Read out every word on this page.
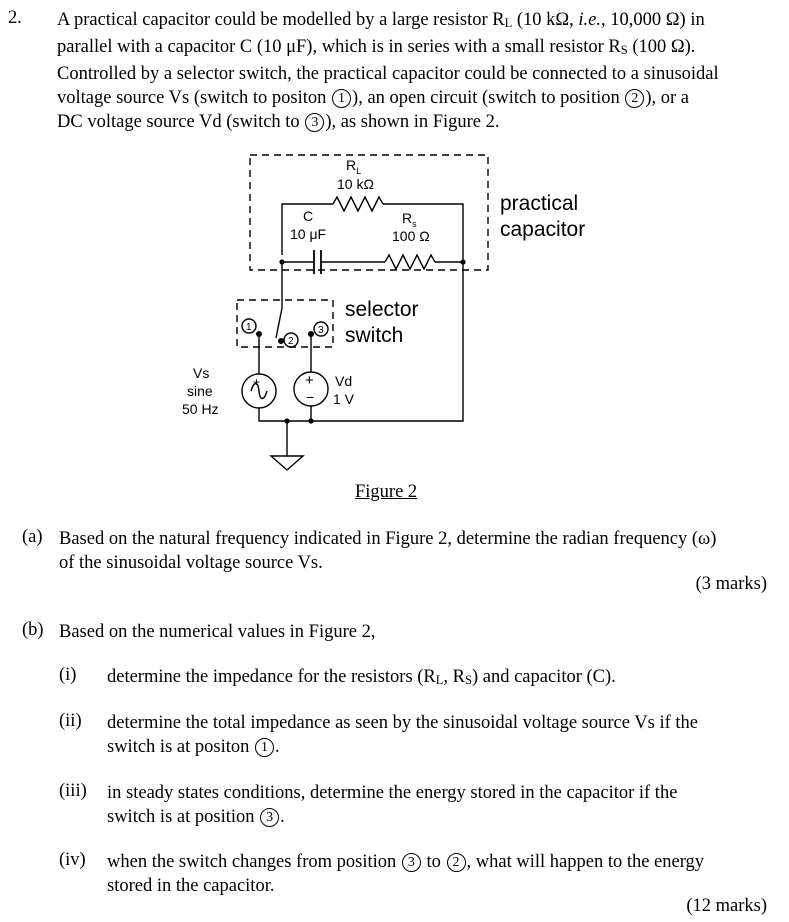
2. A practical capacitor could be modelled by a large resistor RL (10 kΩ, i.e., 10,000 Ω) in
parallel with a capacitor C (10 μF), which is in series with a small resistor RS (100 Ω).
Controlled by a selector switch, the practical capacitor could be connected to a sinusoidal
voltage source Vs (switch to positon 1 ), an open circuit (switch to position 2 ), or a
DC voltage source Vd (switch to 3 ), as shown in Figure 2.
$R_L$
10 kΩ
C
10 μF
$R_s$
100 Ω
Vs
sine
50 Hz
Vd
1 V
+	+
−
1
2
3
practical
capacitor
selector
switch
Figure 2
(a) Based on the natural frequency indicated in Figure 2, determine the radian frequency (ω)
of the sinusoidal voltage source Vs.
(3 marks)
(b) Based on the numerical values in Figure 2,
(i) determine the impedance for the resistors (RL, RS) and capacitor (C).
(ii) determine the total impedance as seen by the sinusoidal voltage source Vs if the
switch is at positon 1 .
(iii) in steady states conditions, determine the energy stored in the capacitor if the
switch is at position 3 .
(iv) when the switch changes from position 3 to 2 , what will happen to the energy
stored in the capacitor.
(12 marks)
